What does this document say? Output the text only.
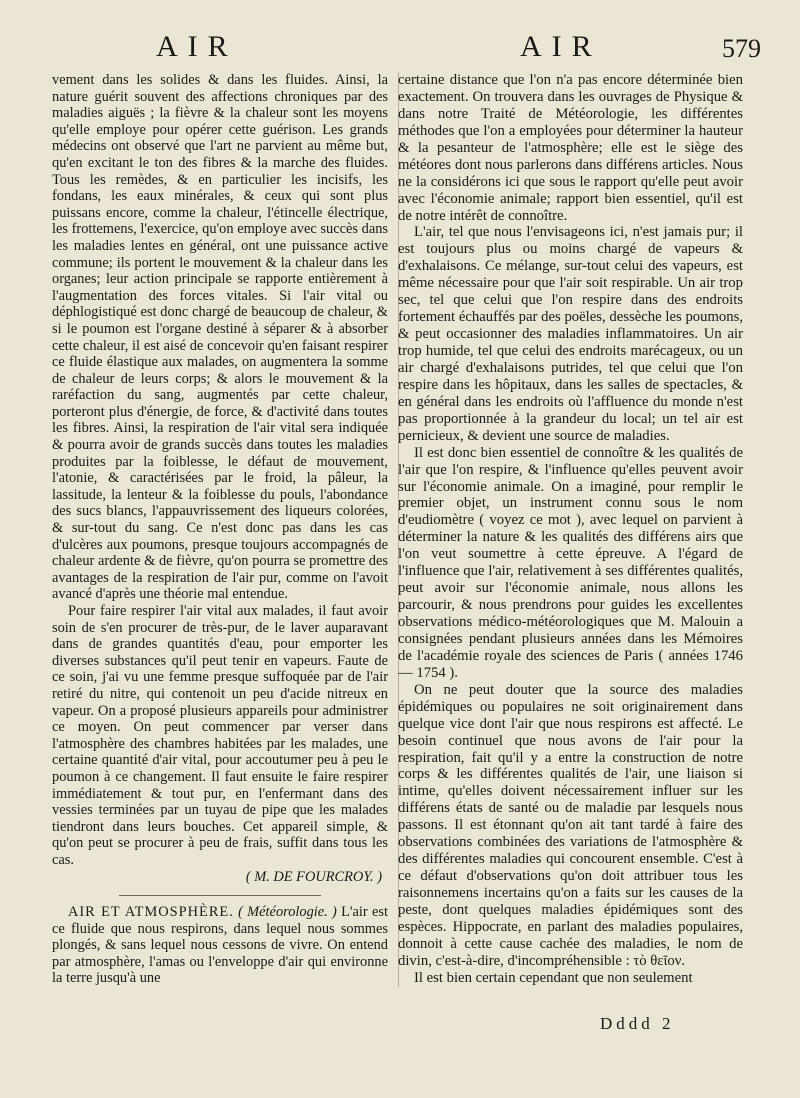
AIR	AIR	579

vement dans les solides & dans les fluides. Ainsi, la nature guérit souvent des affections chroniques par des maladies aiguës ; la fièvre & la chaleur sont les moyens qu'elle employe pour opérer cette guérison. Les grands médecins ont observé que l'art ne parvient au même but, qu'en excitant le ton des fibres & la marche des fluides. Tous les remèdes, & en particulier les incisifs, les fondans, les eaux minérales, & ceux qui sont plus puissans encore, comme la chaleur, l'étincelle électrique, les frottemens, l'exercice, qu'on employe avec succès dans les maladies lentes en général, ont une puissance active commune; ils portent le mouvement & la chaleur dans les organes; leur action principale se rapporte entièrement à l'augmentation des forces vitales. Si l'air vital ou déphlogistiqué est donc chargé de beaucoup de chaleur, & si le poumon est l'organe destiné à séparer & à absorber cette chaleur, il est aisé de concevoir qu'en faisant respirer ce fluide élastique aux malades, on augmentera la somme de chaleur de leurs corps; & alors le mouvement & la raréfaction du sang, augmentés par cette chaleur, porteront plus d'énergie, de force, & d'activité dans toutes les fibres. Ainsi, la respiration de l'air vital sera indiquée & pourra avoir de grands succès dans toutes les maladies produites par la foiblesse, le défaut de mouvement, l'atonie, & caractérisées par le froid, la pâleur, la lassitude, la lenteur & la foiblesse du pouls, l'abondance des sucs blancs, l'appauvrissement des liqueurs colorées, & sur-tout du sang. Ce n'est donc pas dans les cas d'ulcères aux poumons, presque toujours accompagnés de chaleur ardente & de fièvre, qu'on pourra se promettre des avantages de la respiration de l'air pur, comme on l'avoit avancé d'après une théorie mal entendue.

Pour faire respirer l'air vital aux malades, il faut avoir soin de s'en procurer de très-pur, de le laver auparavant dans de grandes quantités d'eau, pour emporter les diverses substances qu'il peut tenir en vapeurs. Faute de ce soin, j'ai vu une femme presque suffoquée par de l'air retiré du nitre, qui contenoit un peu d'acide nitreux en vapeur. On a proposé plusieurs appareils pour administrer ce moyen. On peut commencer par verser dans l'atmosphère des chambres habitées par les malades, une certaine quantité d'air vital, pour accoutumer peu à peu le poumon à ce changement. Il faut ensuite le faire respirer immédiatement & tout pur, en l'enfermant dans des vessies terminées par un tuyau de pipe que les malades tiendront dans leurs bouches. Cet appareil simple, & qu'on peut se procurer à peu de frais, suffit dans tous les cas.

( M. DE FOURCROY. )

AIR ET ATMOSPHÈRE. ( Météorologie. ) L'air est ce fluide que nous respirons, dans lequel nous sommes plongés, & sans lequel nous cessons de vivre. On entend par atmosphère, l'amas ou l'enveloppe d'air qui environne la terre jusqu'à une

certaine distance que l'on n'a pas encore déterminée bien exactement. On trouvera dans les ouvrages de Physique & dans notre Traité de Météorologie, les différentes méthodes que l'on a employées pour déterminer la hauteur & la pesanteur de l'atmosphère; elle est le siège des météores dont nous parlerons dans différens articles. Nous ne la considérons ici que sous le rapport qu'elle peut avoir avec l'économie animale; rapport bien essentiel, qu'il est de notre intérêt de connoître.

L'air, tel que nous l'envisageons ici, n'est jamais pur; il est toujours plus ou moins chargé de vapeurs & d'exhalaisons. Ce mélange, sur-tout celui des vapeurs, est même nécessaire pour que l'air soit respirable. Un air trop sec, tel que celui que l'on respire dans des endroits fortement échauffés par des poëles, dessèche les poumons, & peut occasionner des maladies inflammatoires. Un air trop humide, tel que celui des endroits marécageux, ou un air chargé d'exhalaisons putrides, tel que celui que l'on respire dans les hôpitaux, dans les salles de spectacles, & en général dans les endroits où l'affluence du monde n'est pas proportionnée à la grandeur du local; un tel air est pernicieux, & devient une source de maladies.

Il est donc bien essentiel de connoître & les qualités de l'air que l'on respire, & l'influence qu'elles peuvent avoir sur l'économie animale. On a imaginé, pour remplir le premier objet, un instrument connu sous le nom d'eudiomètre ( voyez ce mot ), avec lequel on parvient à déterminer la nature & les qualités des différens airs que l'on veut soumettre à cette épreuve. A l'égard de l'influence que l'air, relativement à ses différentes qualités, peut avoir sur l'économie animale, nous allons les parcourir, & nous prendrons pour guides les excellentes observations médico-météorologiques que M. Malouin a consignées pendant plusieurs années dans les Mémoires de l'académie royale des sciences de Paris ( années 1746 — 1754 ).

On ne peut douter que la source des maladies épidémiques ou populaires ne soit originairement dans quelque vice dont l'air que nous respirons est affecté. Le besoin continuel que nous avons de l'air pour la respiration, fait qu'il y a entre la construction de notre corps & les différentes qualités de l'air, une liaison si intime, qu'elles doivent nécessairement influer sur les différens états de santé ou de maladie par lesquels nous passons. Il est étonnant qu'on ait tant tardé à faire des observations combinées des variations de l'atmosphère & des différentes maladies qui concourent ensemble. C'est à ce défaut d'observations qu'on doit attribuer tous les raisonnemens incertains qu'on a faits sur les causes de la peste, dont quelques maladies épidémiques sont des espèces. Hippocrate, en parlant des maladies populaires, donnoit à cette cause cachée des maladies, le nom de divin, c'est-à-dire, d'incompréhensible : τὸ θεῖον.

Il est bien certain cependant que non seulement

Dddd 2
